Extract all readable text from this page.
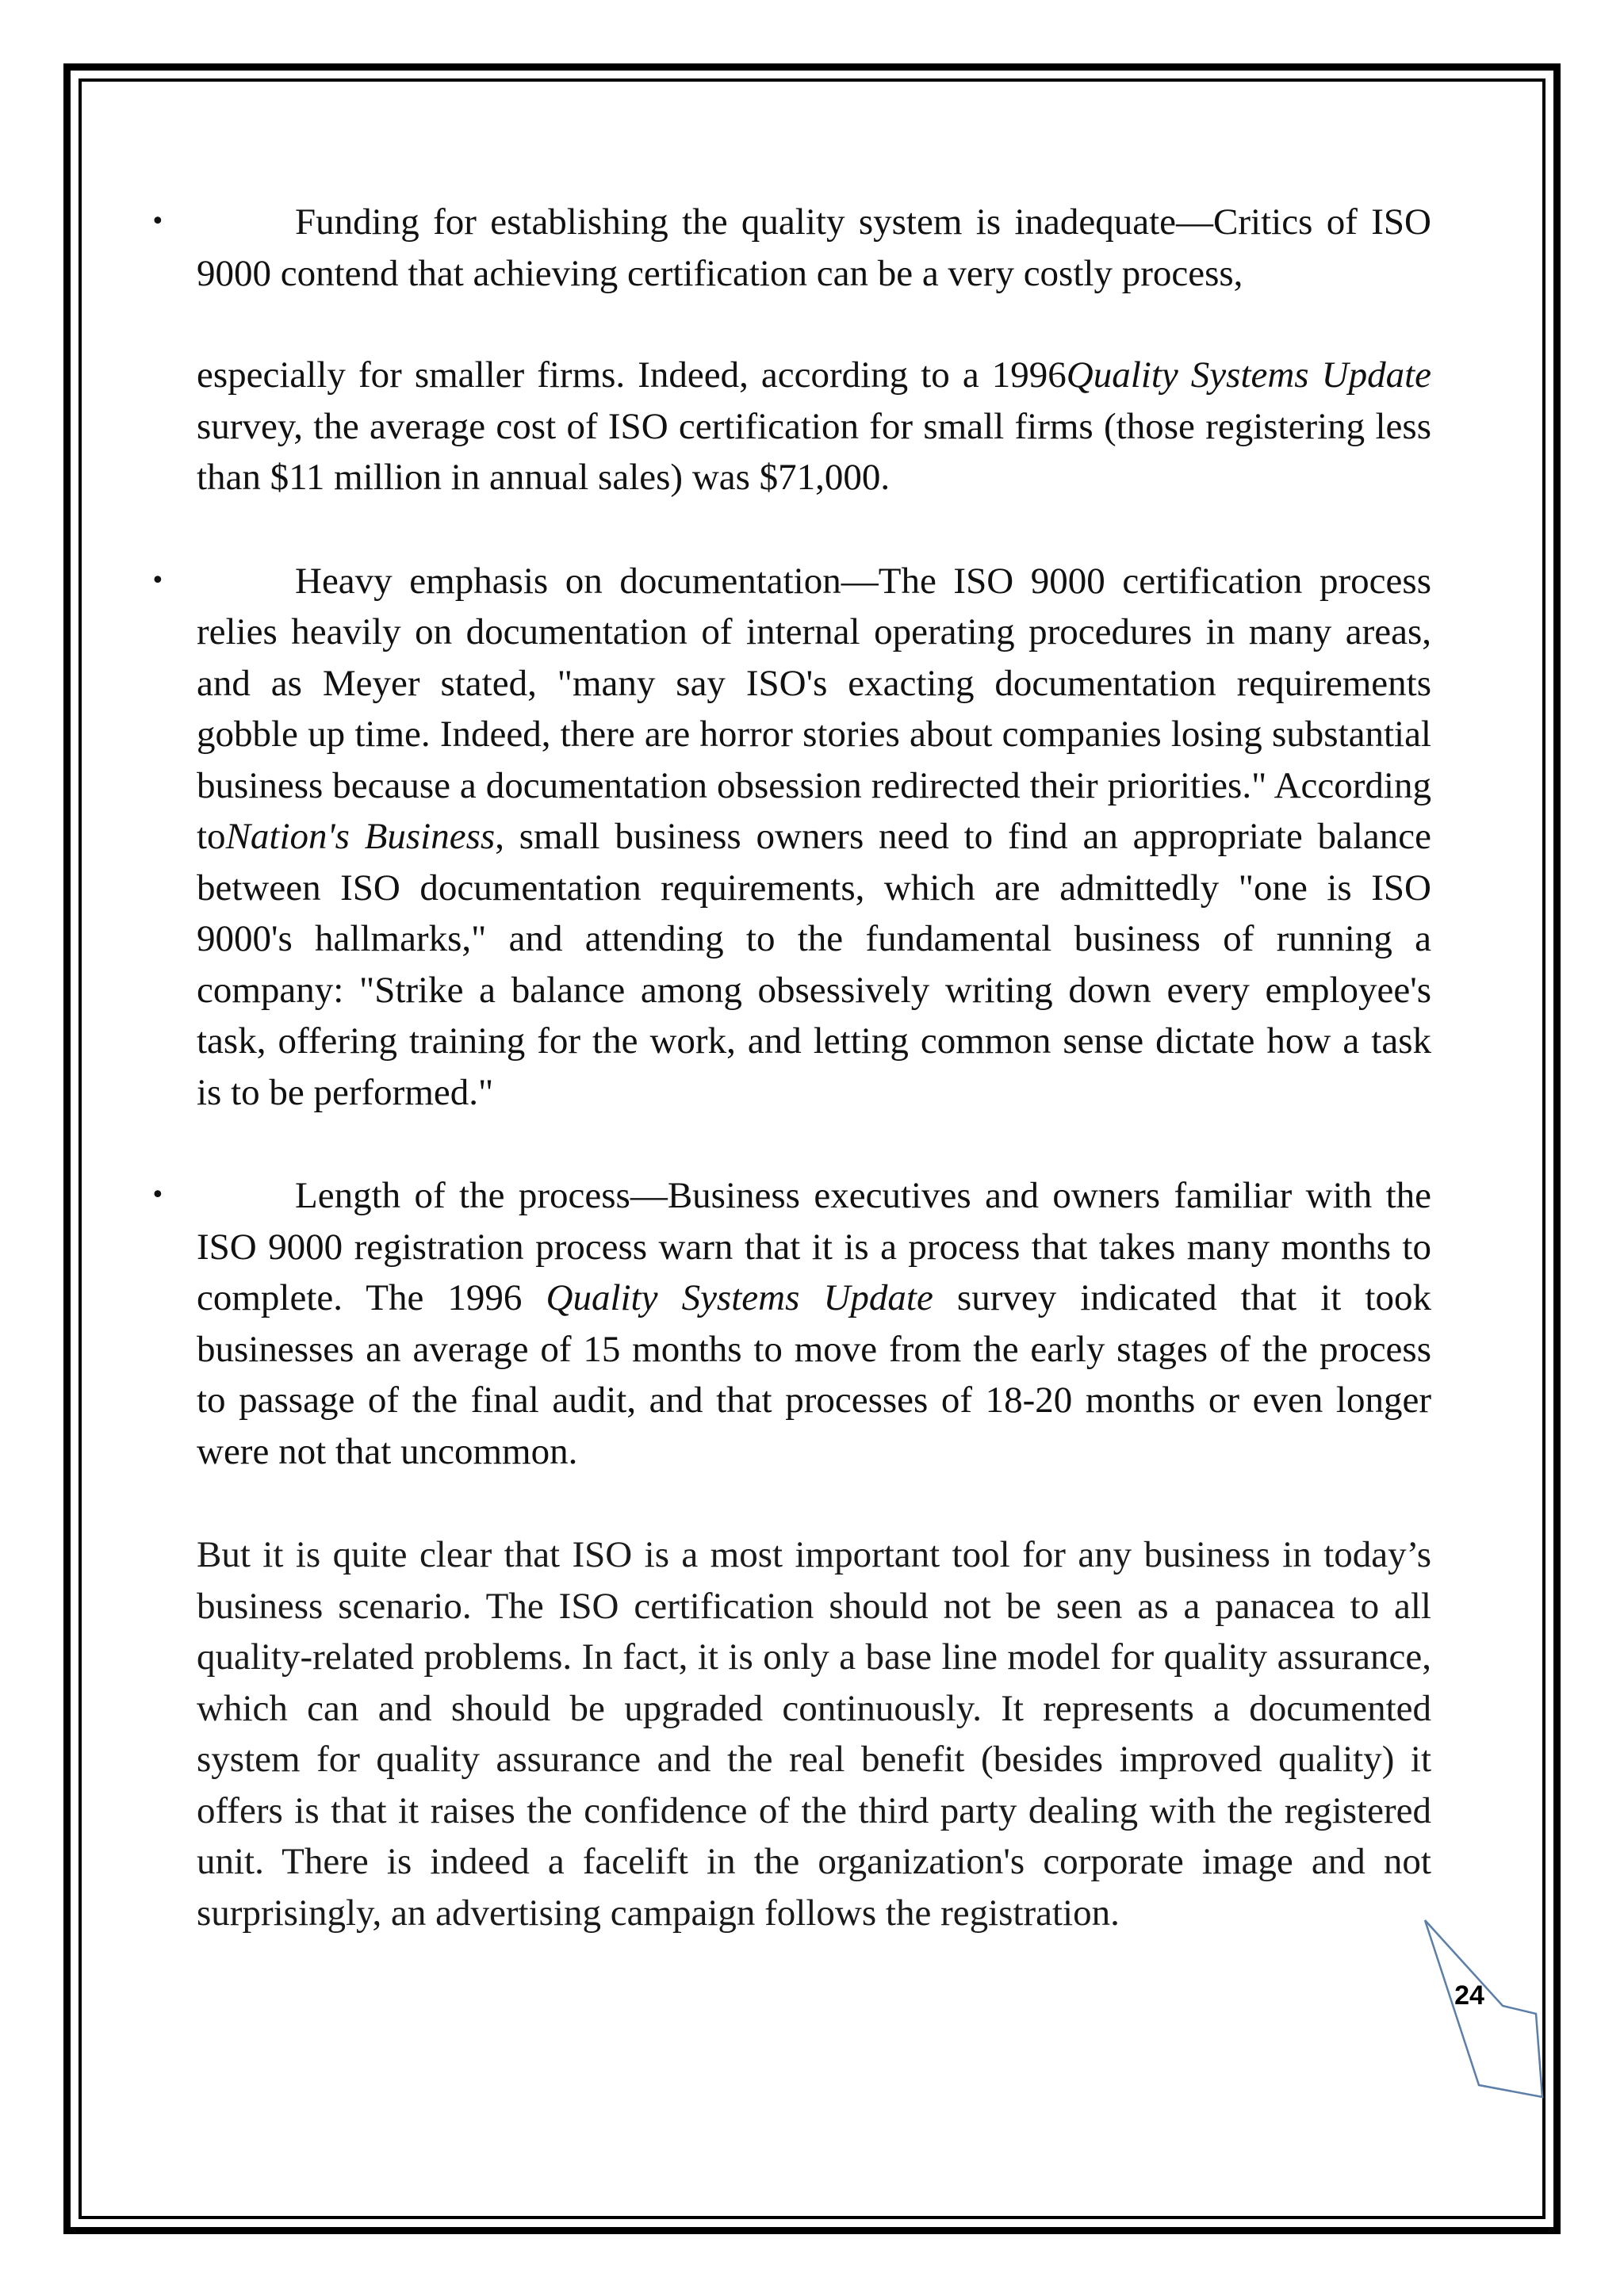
•	Funding for establishing the quality system is inadequate—Critics of ISO 9000 contend that achieving certification can be a very costly process,

especially for smaller firms. Indeed, according to a 1996Quality Systems Update survey, the average cost of ISO certification for small firms (those registering less than $11 million in annual sales) was $71,000.

•	Heavy emphasis on documentation—The ISO 9000 certification process relies heavily on documentation of internal operating procedures in many areas, and as Meyer stated, "many say ISO's exacting documentation requirements gobble up time. Indeed, there are horror stories about companies losing substantial business because a documentation obsession redirected their priorities." According toNation's Business, small business owners need to find an appropriate balance between ISO documentation requirements, which are admittedly "one is ISO 9000's hallmarks," and attending to the fundamental business of running a company: "Strike a balance among obsessively writing down every employee's task, offering training for the work, and letting common sense dictate how a task is to be performed."

•	Length of the process—Business executives and owners familiar with the ISO 9000 registration process warn that it is a process that takes many months to complete. The 1996 Quality Systems Update survey indicated that it took businesses an average of 15 months to move from the early stages of the process to passage of the final audit, and that processes of 18-20 months or even longer were not that uncommon.

But it is quite clear that ISO is a most important tool for any business in today’s business scenario. The ISO certification should not be seen as a panacea to all quality-related problems. In fact, it is only a base line model for quality assurance, which can and should be upgraded continuously. It represents a documented system for quality assurance and the real benefit (besides improved quality) it offers is that it raises the confidence of the third party dealing with the registered unit. There is indeed a facelift in the organization's corporate image and not surprisingly, an advertising campaign follows the registration.

24
